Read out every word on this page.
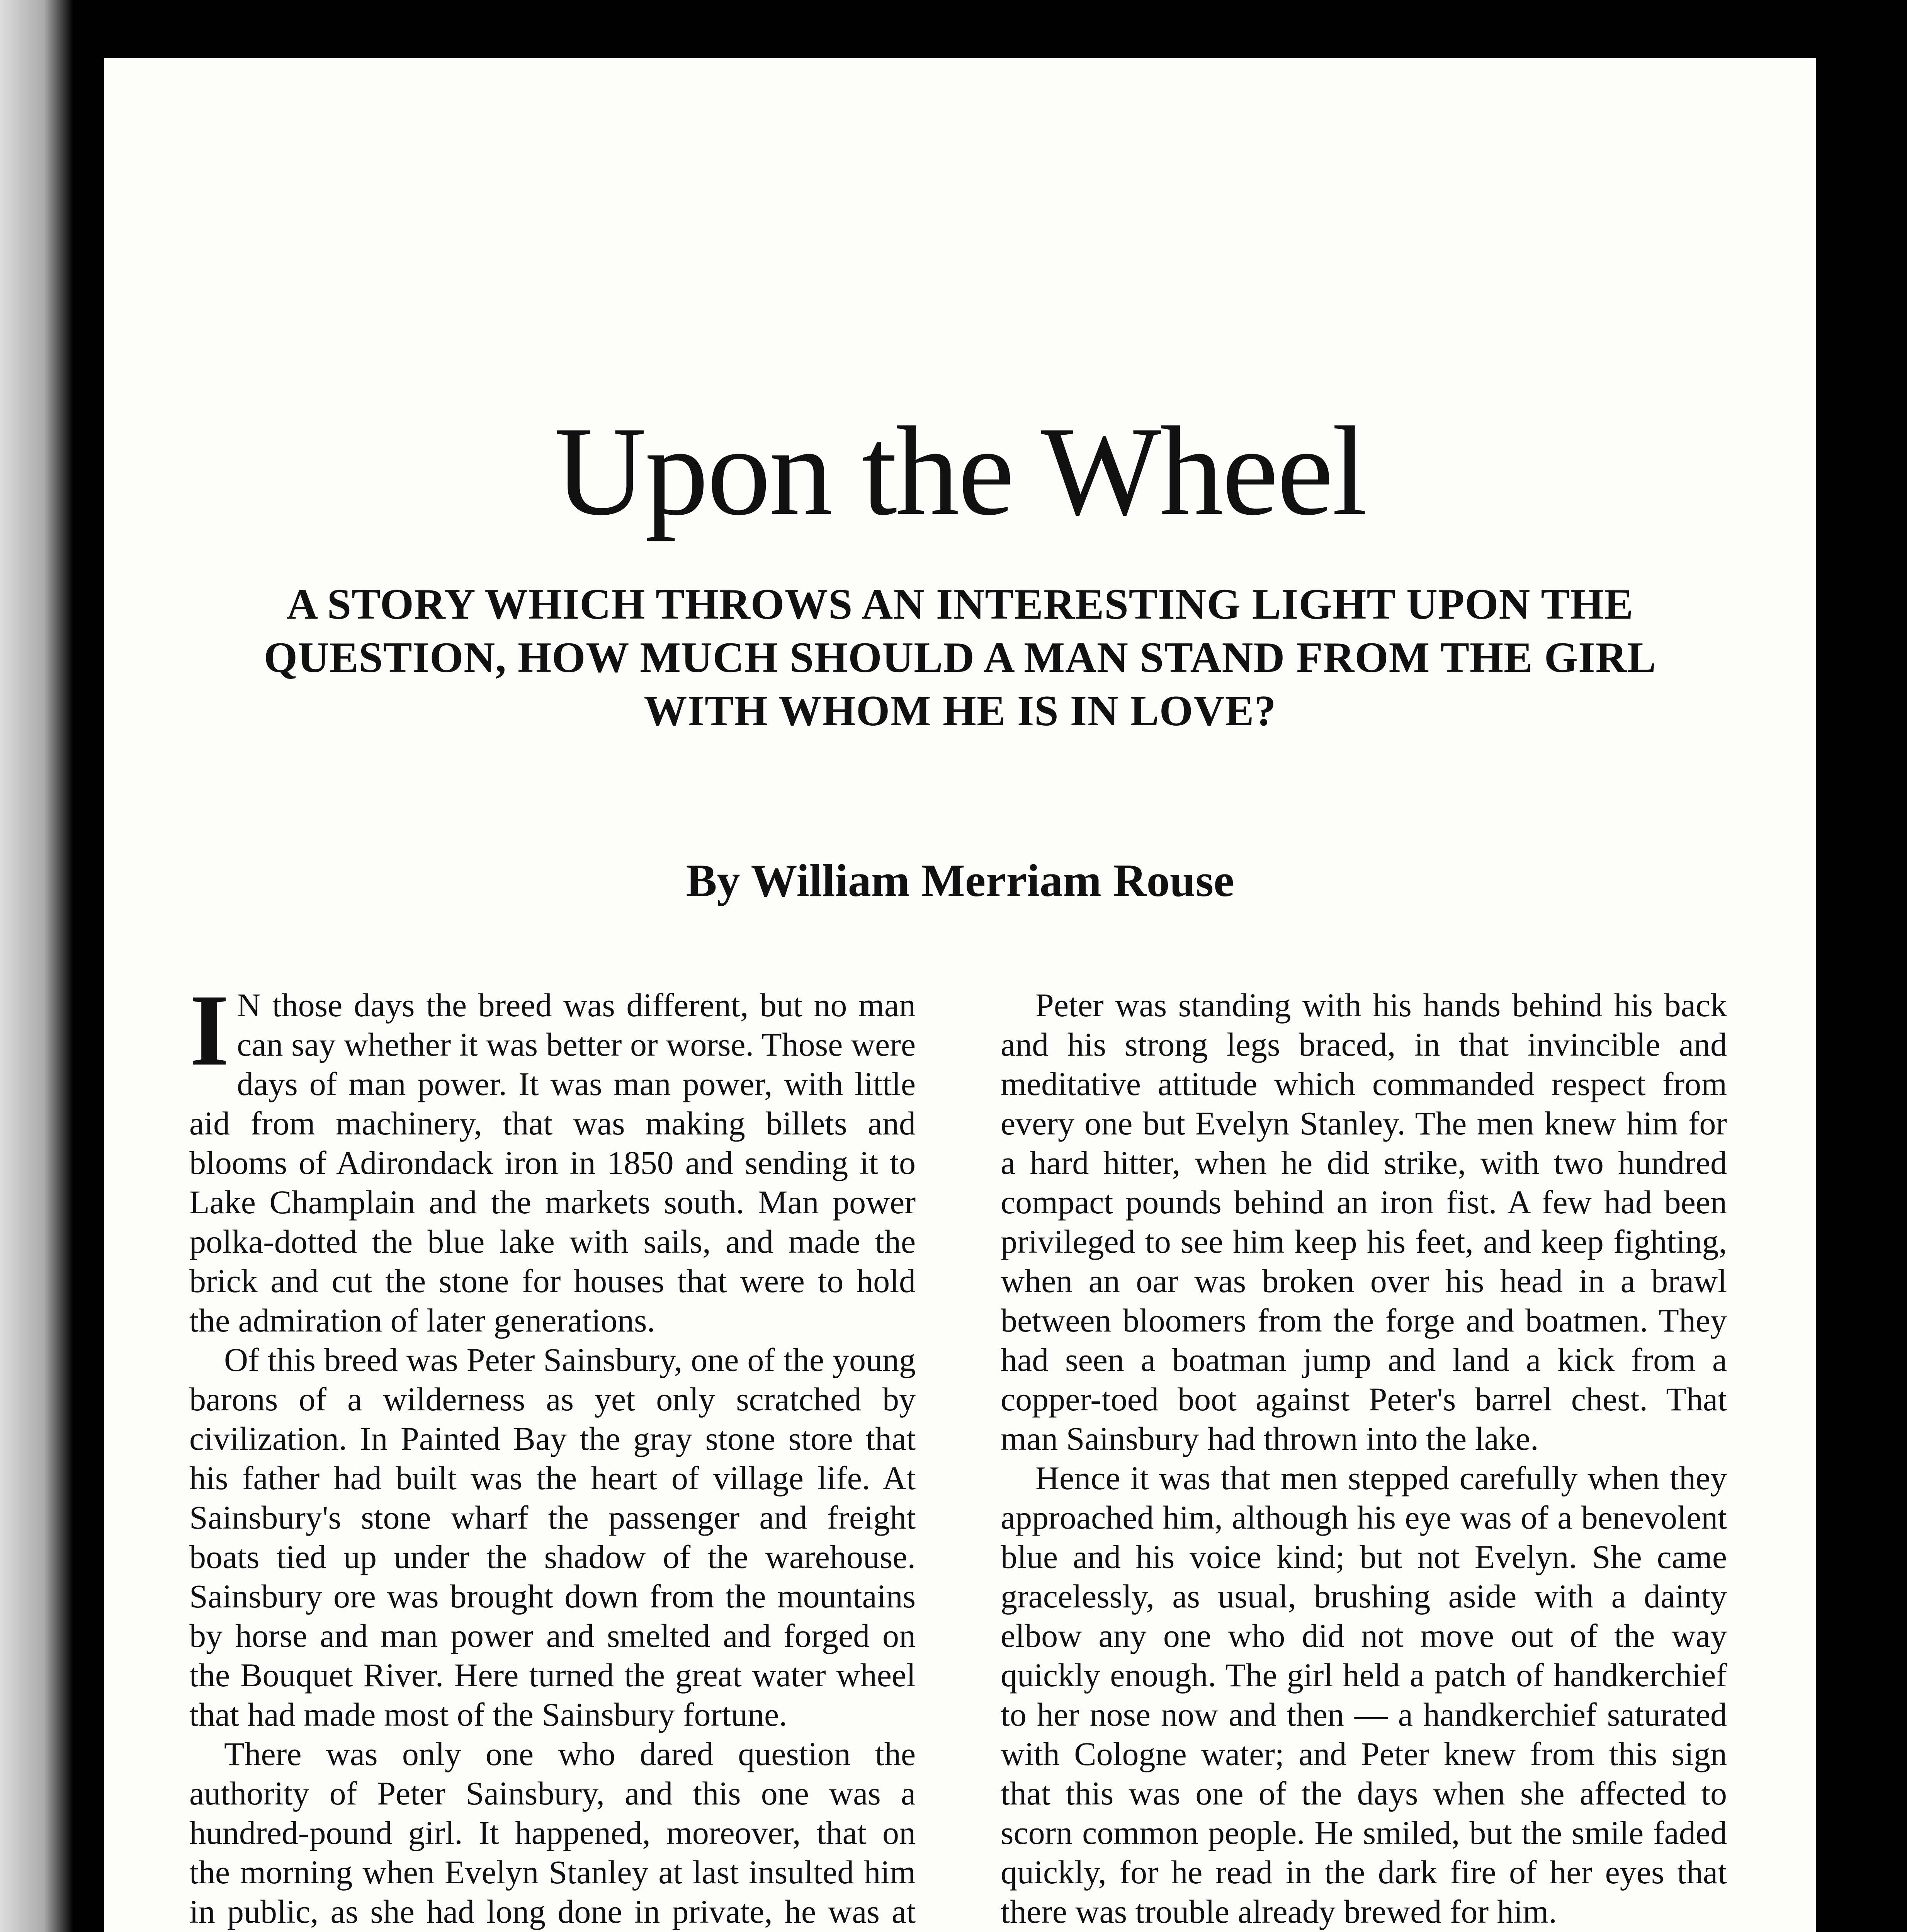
Upon the Wheel
A STORY WHICH THROWS AN INTERESTING LIGHT UPON THE QUESTION, HOW MUCH SHOULD A MAN STAND FROM THE GIRL WITH WHOM HE IS IN LOVE?
By William Merriam Rouse

I N those days the breed was different, but no man can say whether it was better or worse. Those were days of man power. It was man power, with little aid from machinery, that was making billets and blooms of Adirondack iron in 1850 and sending it to Lake Champlain and the markets south. Man power polka-dotted the blue lake with sails, and made the brick and cut the stone for houses that were to hold the admiration of later generations.

Of this breed was Peter Sainsbury, one of the young barons of a wilderness as yet only scratched by civilization. In Painted Bay the gray stone store that his father had built was the heart of village life. At Sainsbury's stone wharf the passenger and freight boats tied up under the shadow of the warehouse. Sainsbury ore was brought down from the mountains by horse and man power and smelted and forged on the Bouquet River. Here turned the great water wheel that had made most of the Sainsbury fortune.

There was only one who dared question the authority of Peter Sainsbury, and this one was a hundred-pound girl. It happened, moreover, that on the morning when Evelyn Stanley at last insulted him in public, as she had long done in private, he was at

Peter was standing with his hands behind his back and his strong legs braced, in that invincible and meditative attitude which commanded respect from every one but Evelyn Stanley. The men knew him for a hard hitter, when he did strike, with two hundred compact pounds behind an iron fist. A few had been privileged to see him keep his feet, and keep fighting, when an oar was broken over his head in a brawl between bloomers from the forge and boatmen. They had seen a boatman jump and land a kick from a copper-toed boot against Peter's barrel chest. That man Sainsbury had thrown into the lake.

Hence it was that men stepped carefully when they approached him, although his eye was of a benevolent blue and his voice kind; but not Evelyn. She came gracelessly, as usual, brushing aside with a dainty elbow any one who did not move out of the way quickly enough. The girl held a patch of handkerchief to her nose now and then — a handkerchief saturated with Cologne water; and Peter knew from this sign that this was one of the days when she affected to scorn common people. He smiled, but the smile faded quickly, for he read in the dark fire of her eyes that there was trouble already brewed for him.
